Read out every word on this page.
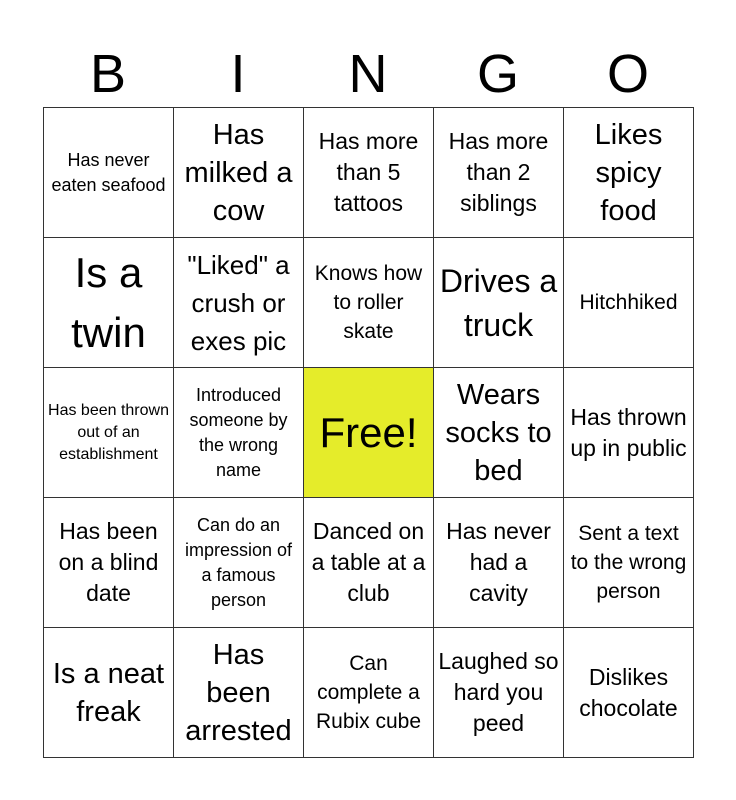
B	I	N	G	O
Has never eaten seafood	Has milked a cow	Has more than 5 tattoos	Has more than 2 siblings	Likes spicy food
Is a twin	"Liked" a crush or exes pic	Knows how to roller skate	Drives a truck	Hitchhiked
Has been thrown out of an establishment	Introduced someone by the wrong name	Free!	Wears socks to bed	Has thrown up in public
Has been on a blind date	Can do an impression of a famous person	Danced on a table at a club	Has never had a cavity	Sent a text to the wrong person
Is a neat freak	Has been arrested	Can complete a Rubix cube	Laughed so hard you peed	Dislikes chocolate
